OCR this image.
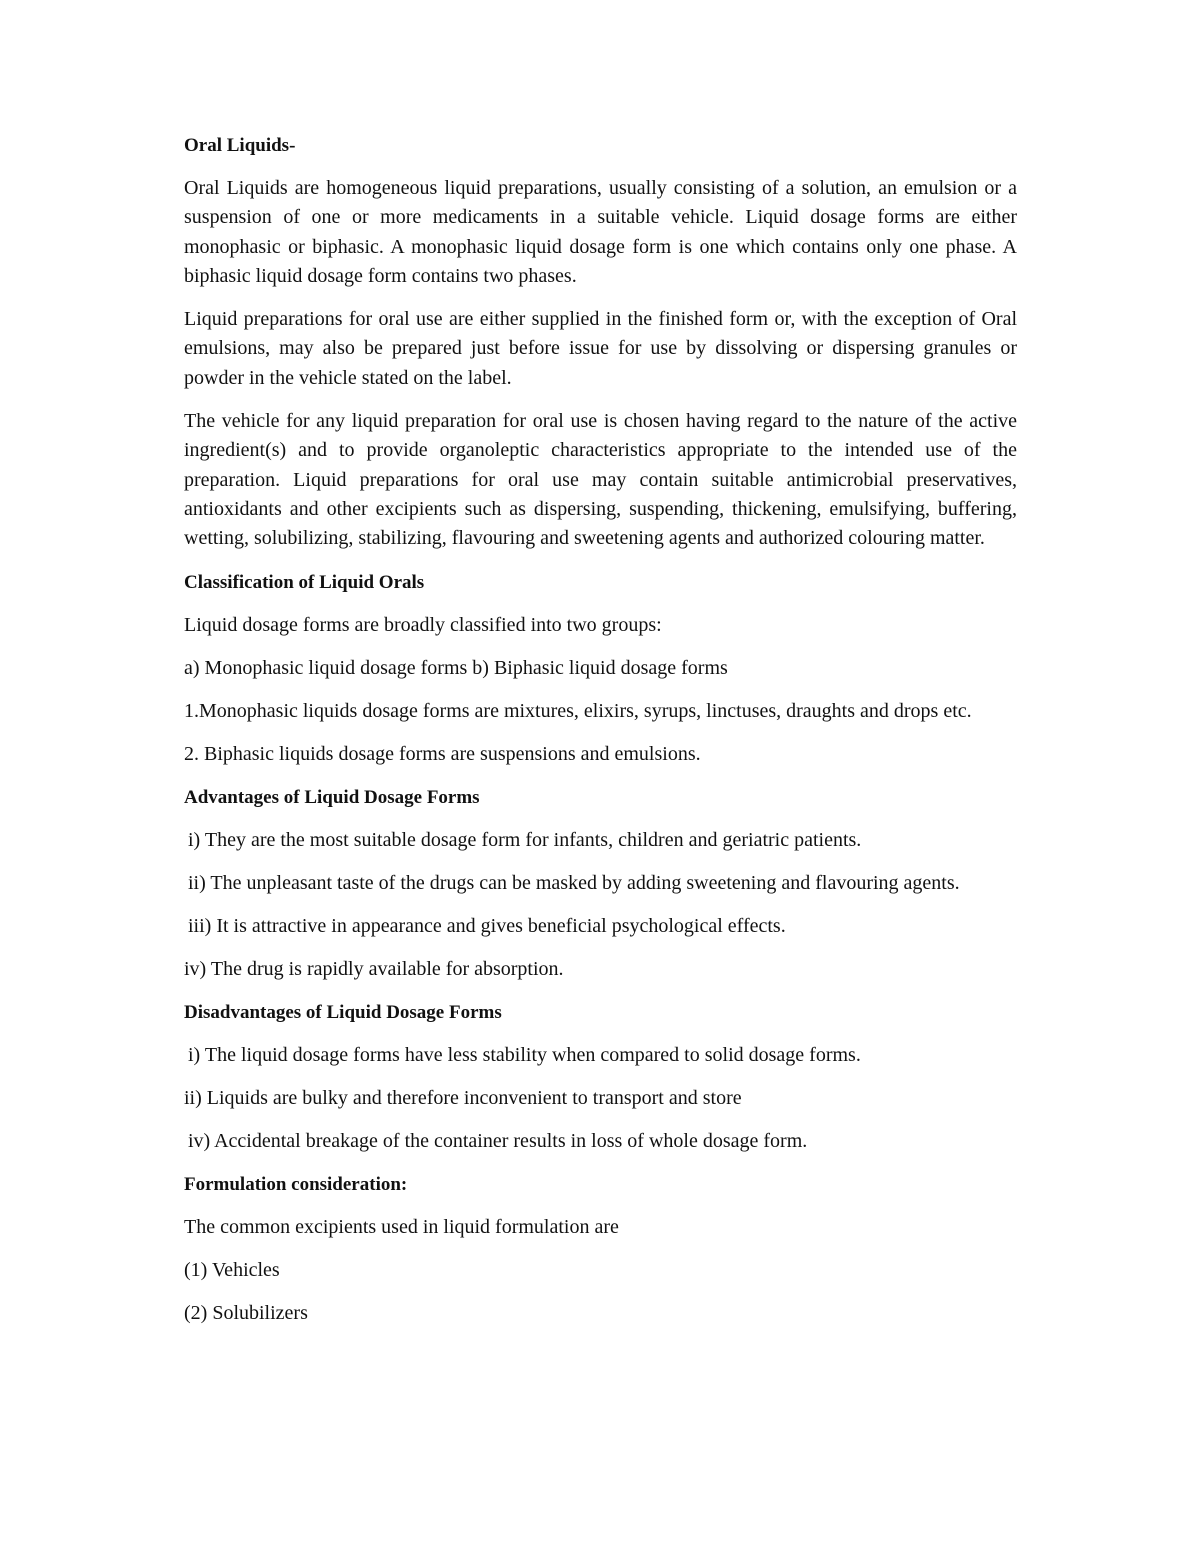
Oral Liquids-
Oral Liquids are homogeneous liquid preparations, usually consisting of a solution, an emulsion or a suspension of one or more medicaments in a suitable vehicle. Liquid dosage forms are either monophasic or biphasic. A monophasic liquid dosage form is one which contains only one phase. A biphasic liquid dosage form contains two phases.
Liquid preparations for oral use are either supplied in the finished form or, with the exception of Oral emulsions, may also be prepared just before issue for use by dissolving or dispersing granules or powder in the vehicle stated on the label.
The vehicle for any liquid preparation for oral use is chosen having regard to the nature of the active ingredient(s) and to provide organoleptic characteristics appropriate to the intended use of the preparation. Liquid preparations for oral use may contain suitable antimicrobial preservatives, antioxidants and other excipients such as dispersing, suspending, thickening, emulsifying, buffering, wetting, solubilizing, stabilizing, flavouring and sweetening agents and authorized colouring matter.
Classification of Liquid Orals
Liquid dosage forms are broadly classified into two groups:
a) Monophasic liquid dosage forms b) Biphasic liquid dosage forms
1.Monophasic liquids dosage forms are mixtures, elixirs, syrups, linctuses, draughts and drops etc.
2. Biphasic liquids dosage forms are suspensions and emulsions.
Advantages of Liquid Dosage Forms
i) They are the most suitable dosage form for infants, children and geriatric patients.
ii) The unpleasant taste of the drugs can be masked by adding sweetening and flavouring agents.
iii) It is attractive in appearance and gives beneficial psychological effects.
iv) The drug is rapidly available for absorption.
Disadvantages of Liquid Dosage Forms
i) The liquid dosage forms have less stability when compared to solid dosage forms.
ii) Liquids are bulky and therefore inconvenient to transport and store
iv) Accidental breakage of the container results in loss of whole dosage form.
Formulation consideration:
The common excipients used in liquid formulation are
(1) Vehicles
(2) Solubilizers
